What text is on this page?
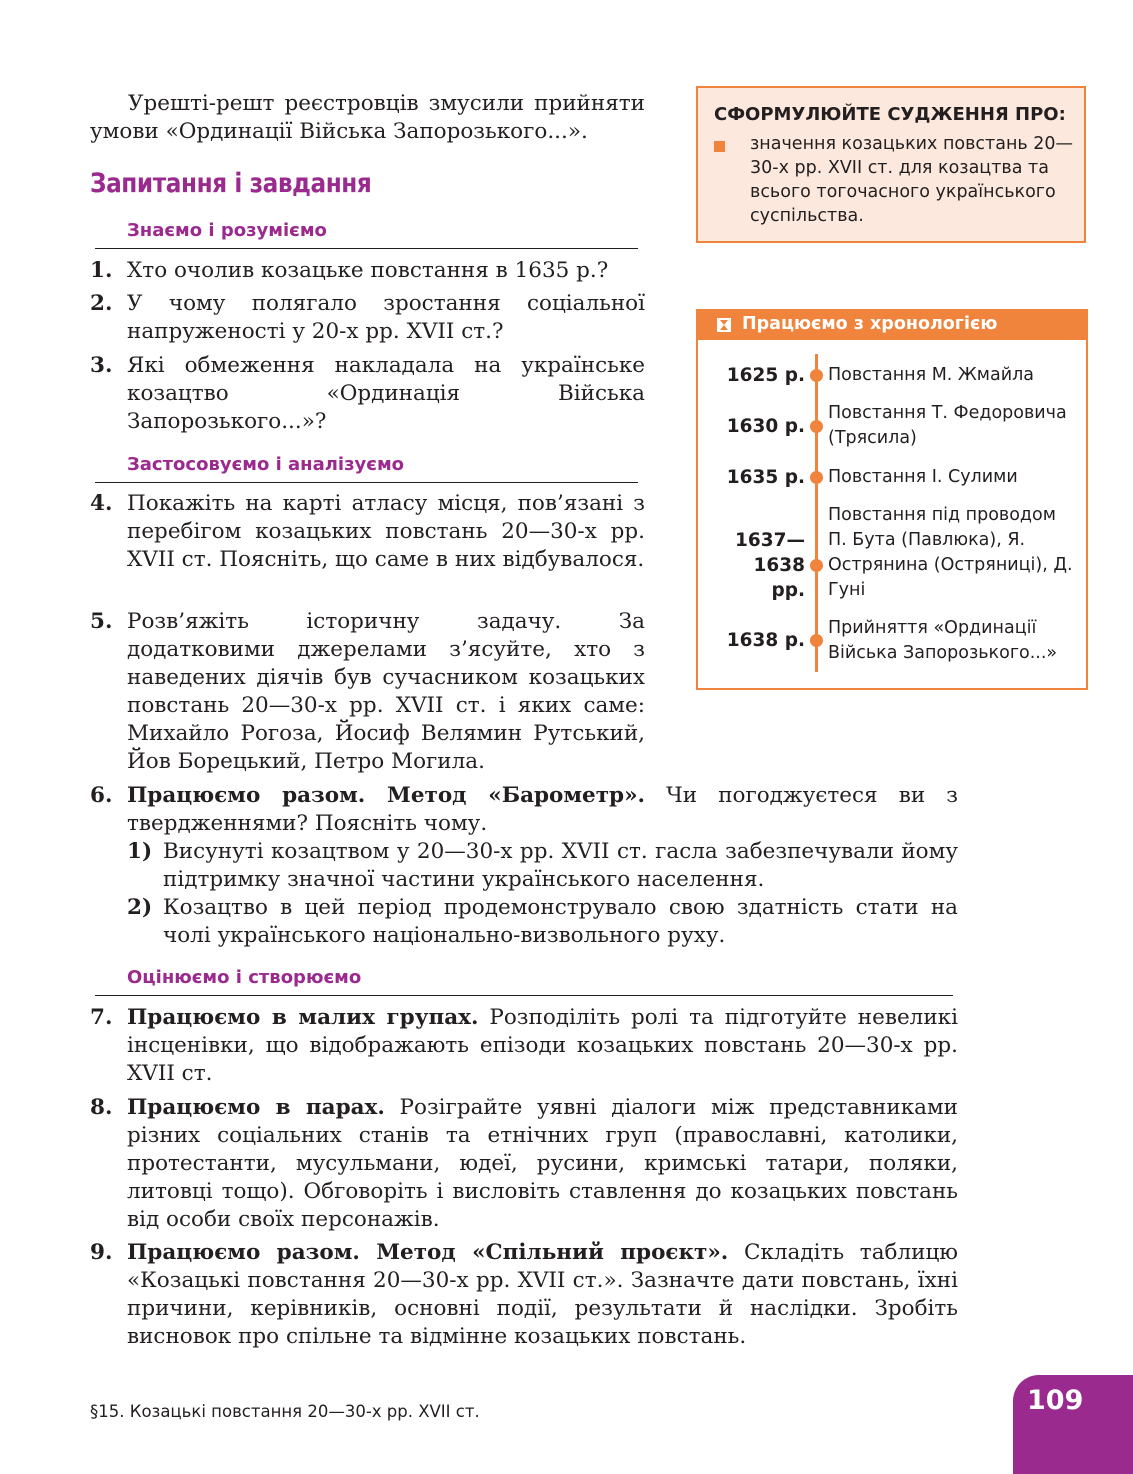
Урешті-решт реєстровців змусили прийняти умови «Ординації Війська Запорозького...».
Запитання і завдання
Знаємо і розуміємо
1. Хто очолив козацьке повстання в 1635 р.?
2. У чому полягало зростання соціальної напруженості у 20-х рр. XVII ст.?
3. Які обмеження накладала на українське козацтво «Ординація Війська Запорозького...»?
Застосовуємо і аналізуємо
4. Покажіть на карті атласу місця, пов’язані з перебігом козацьких повстань 20—30-х рр. XVII ст. Поясніть, що саме в них відбувалося.
5. Розв’яжіть історичну задачу. За додатковими джерелами з’ясуйте, хто з наведених діячів був сучасником козацьких повстань 20—30-х рр. XVII ст. і яких саме: Михайло Рогоза, Йосиф Велямин Рутський, Йов Борецький, Петро Могила.
6. Працюємо разом. Метод «Барометр». Чи погоджуєтеся ви з твердженнями? Поясніть чому.
1) Висунуті козацтвом у 20—30-х рр. XVII ст. гасла забезпечували йому підтримку значної частини українського населення.
2) Козацтво в цей період продемонструвало свою здатність стати на чолі українського національно-визвольного руху.
Оцінюємо і створюємо
7. Працюємо в малих групах. Розподіліть ролі та підготуйте невеликі інсценівки, що відображають епізоди козацьких повстань 20—30-х рр. XVII ст.
8. Працюємо в парах. Розіграйте уявні діалоги між представниками різних соціальних станів та етнічних груп (православні, католики, протестанти, мусульмани, юдеї, русини, кримські татари, поляки, литовці тощо). Обговоріть і висловіть ставлення до козацьких повстань від особи своїх персонажів.
9. Працюємо разом. Метод «Спільний проєкт». Складіть таблицю «Козацькі повстання 20—30-х рр. XVII ст.». Зазначте дати повстань, їхні причини, керівників, основні події, результати й наслідки. Зробіть висновок про спільне та відмінне козацьких повстань.
СФОРМУЛЮЙТЕ СУДЖЕННЯ ПРО:
значення козацьких повстань 20—30-х рр. XVII ст. для козацтва та всього тогочасного українського суспільства.
Працюємо з хронологією
1625 р. Повстання М. Жмайла
1630 р.
Повстання Т. Федоровича (Трясила)
1635 р. Повстання І. Сулими
1637— 1638 рр.
Повстання під проводом П. Бута (Павлюка), Я. Острянина (Остряниці), Д. Гуні
1638 р.
Прийняття «Ординації Війська Запорозького...»
§15. Козацькі повстання 20—30-х рр. XVII ст.	109
